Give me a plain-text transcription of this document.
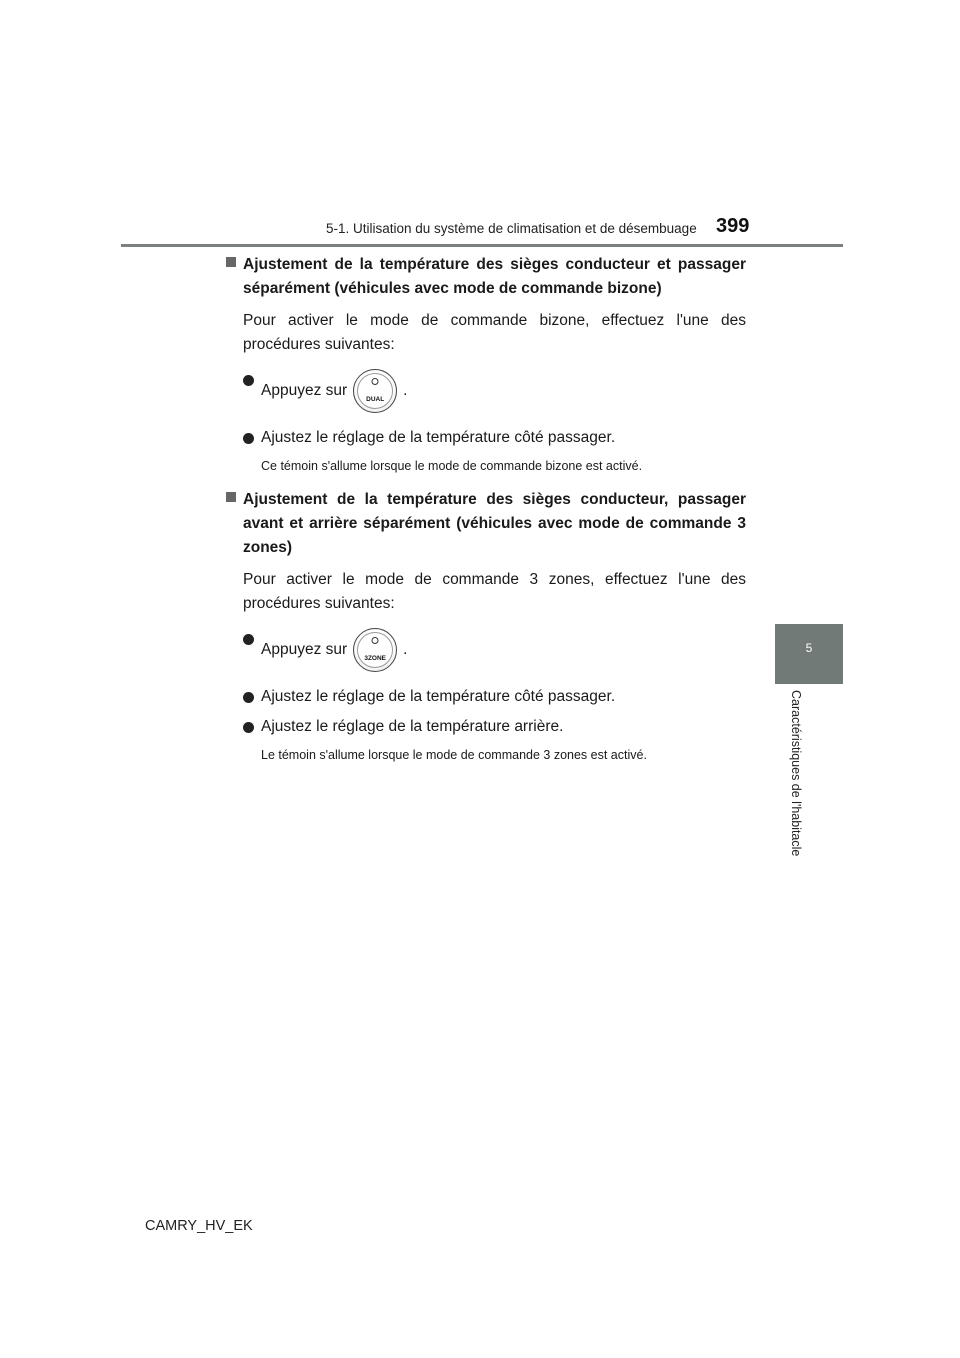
5-1. Utilisation du système de climatisation et de désembuage 399
5
Caractéristiques de l'habitacle
Ajustement de la température des sièges conducteur et passager séparément (véhicules avec mode de commande bizone)
Pour activer le mode de commande bizone, effectuez l'une des procédures suivantes:
Appuyez sur
DUAL
.
Ajustez le réglage de la température côté passager.
Ce témoin s'allume lorsque le mode de commande bizone est activé.
Ajustement de la température des sièges conducteur, passager avant et arrière séparément (véhicules avec mode de commande 3 zones)
Pour activer le mode de commande 3 zones, effectuez l'une des procédures suivantes:
Appuyez sur
3ZONE
.
Ajustez le réglage de la température côté passager.
Ajustez le réglage de la température arrière.
Le témoin s'allume lorsque le mode de commande 3 zones est activé.
CAMRY_HV_EK
